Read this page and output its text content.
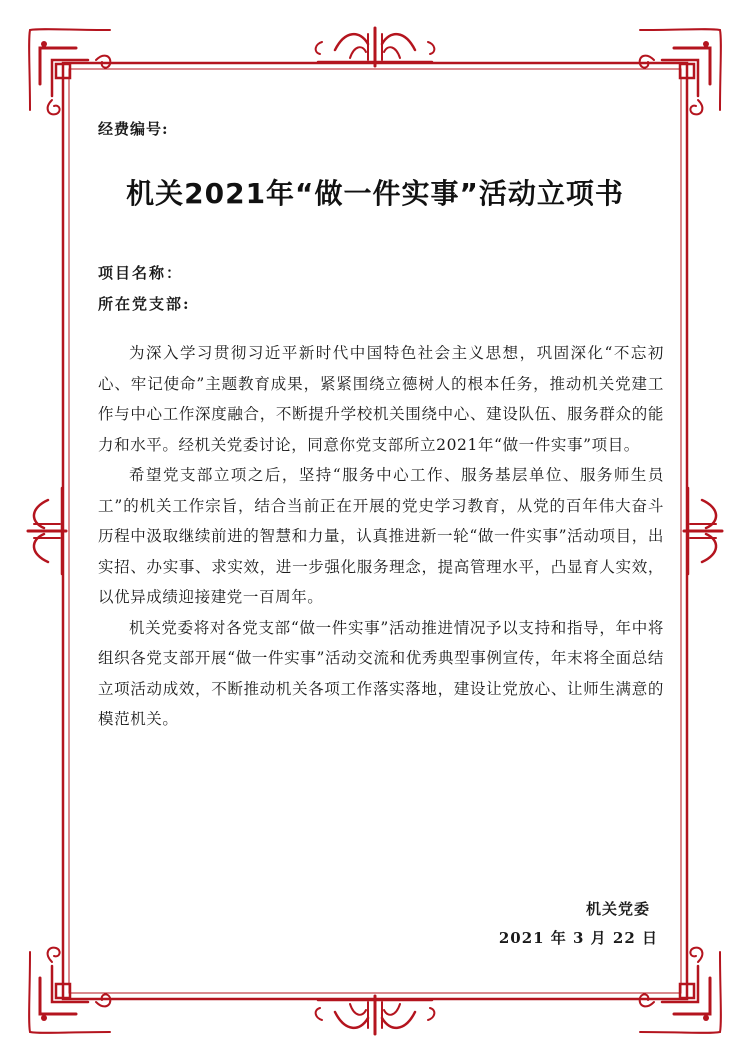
经费编号:
机关2021年“做一件实事”活动立项书
项目名称：
所在党支部:

为深入学习贯彻习近平新时代中国特色社会主义思想，巩固深化“不忘初心、牢记使命”主题教育成果，紧紧围绕立德树人的根本任务，推动机关党建工作与中心工作深度融合，不断提升学校机关围绕中心、建设队伍、服务群众的能力和水平。经机关党委讨论，同意你党支部所立2021年“做一件实事”项目。

希望党支部立项之后，坚持“服务中心工作、服务基层单位、服务师生员工”的机关工作宗旨，结合当前正在开展的党史学习教育，从党的百年伟大奋斗历程中汲取继续前进的智慧和力量，认真推进新一轮“做一件实事”活动项目，出实招、办实事、求实效，进一步强化服务理念，提高管理水平，凸显育人实效，以优异成绩迎接建党一百周年。

机关党委将对各党支部“做一件实事”活动推进情况予以支持和指导，年中将组织各党支部开展“做一件实事”活动交流和优秀典型事例宣传，年末将全面总结立项活动成效，不断推动机关各项工作落实落地，建设让党放心、让师生满意的模范机关。

机关党委
2021 年 3 月 22 日
